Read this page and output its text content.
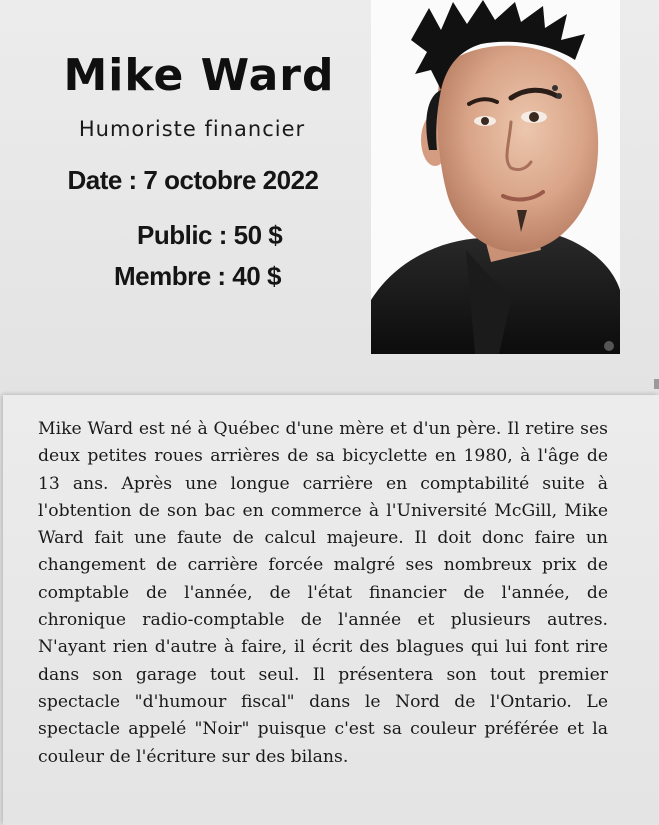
Mike Ward
Humoriste financier
Date : 7 octobre 2022
Public : 50 $
Membre : 40 $

Mike Ward est né à Québec d'une mère et d'un père. Il retire ses deux petites roues arrières de sa bicyclette en 1980, à l'âge de 13 ans. Après une longue carrière en comptabilité suite à l'obtention de son bac en commerce à l'Université McGill, Mike Ward fait une faute de calcul majeure. Il doit donc faire un changement de carrière forcée malgré ses nombreux prix de comptable de l'année, de l'état financier de l'année, de chronique radio-comptable de l'année et plusieurs autres. N'ayant rien d'autre à faire, il écrit des blagues qui lui font rire dans son garage tout seul. Il présentera son tout premier spectacle "d'humour fiscal" dans le Nord de l'Ontario. Le spectacle appelé "Noir" puisque c'est sa couleur préférée et la couleur de l'écriture sur des bilans.
